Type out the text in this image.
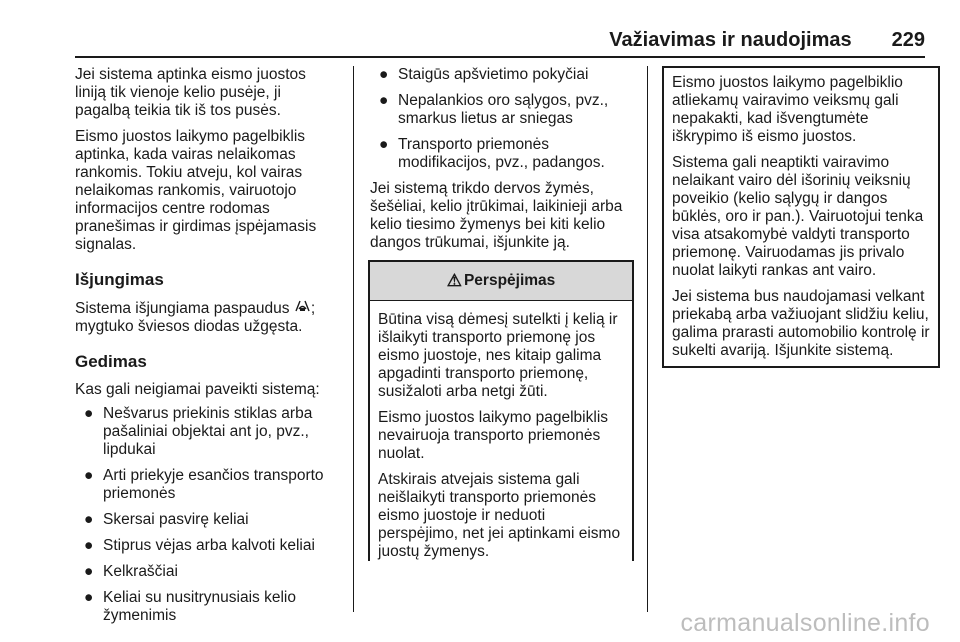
Važiavimas ir naudojimas 229

Jei sistema aptinka eismo juostos liniją tik vienoje kelio pusėje, ji pagalbą teikia tik iš tos pusės.

Eismo juostos laikymo pagelbiklis aptinka, kada vairas nelaikomas rankomis. Tokiu atveju, kol vairas nelaikomas rankomis, vairuotojo informacijos centre rodomas pranešimas ir girdimas įspėjamasis signalas.

Išjungimas

Sistema išjungiama paspaudus ; mygtuko šviesos diodas užgęsta.

Gedimas

Kas gali neigiamai paveikti sistemą:

● Nešvarus priekinis stiklas arba pašaliniai objektai ant jo, pvz., lipdukai
● Arti priekyje esančios transporto priemonės
● Skersai pasvirę keliai
● Stiprus vėjas arba kalvoti keliai
● Kelkraščiai
● Keliai su nusitrynusiais kelio žymenimis
● Staigūs apšvietimo pokyčiai
● Nepalankios oro sąlygos, pvz., smarkus lietus ar sniegas
● Transporto priemonės modifikacijos, pvz., padangos.

Jei sistemą trikdo dervos žymės, šešėliai, kelio įtrūkimai, laikinieji arba kelio tiesimo žymenys bei kiti kelio dangos trūkumai, išjunkite ją.

⚠ Perspėjimas

Būtina visą dėmesį sutelkti į kelią ir išlaikyti transporto priemonę jos eismo juostoje, nes kitaip galima apgadinti transporto priemonę, susižaloti arba netgi žūti.

Eismo juostos laikymo pagelbiklis nevairuoja transporto priemonės nuolat.

Atskirais atvejais sistema gali neišlaikyti transporto priemonės eismo juostoje ir neduoti perspėjimo, net jei aptinkami eismo juostų žymenys.

Eismo juostos laikymo pagelbiklio atliekamų vairavimo veiksmų gali nepakakti, kad išvengtumėte iškrypimo iš eismo juostos.

Sistema gali neaptikti vairavimo nelaikant vairo dėl išorinių veiksnių poveikio (kelio sąlygų ir dangos būklės, oro ir pan.). Vairuotojui tenka visa atsakomybė valdyti transporto priemonę. Vairuodamas jis privalo nuolat laikyti rankas ant vairo.

Jei sistema bus naudojamasi velkant priekabą arba važiuojant slidžiu keliu, galima prarasti automobilio kontrolę ir sukelti avariją. Išjunkite sistemą.

carmanualsonline.info
